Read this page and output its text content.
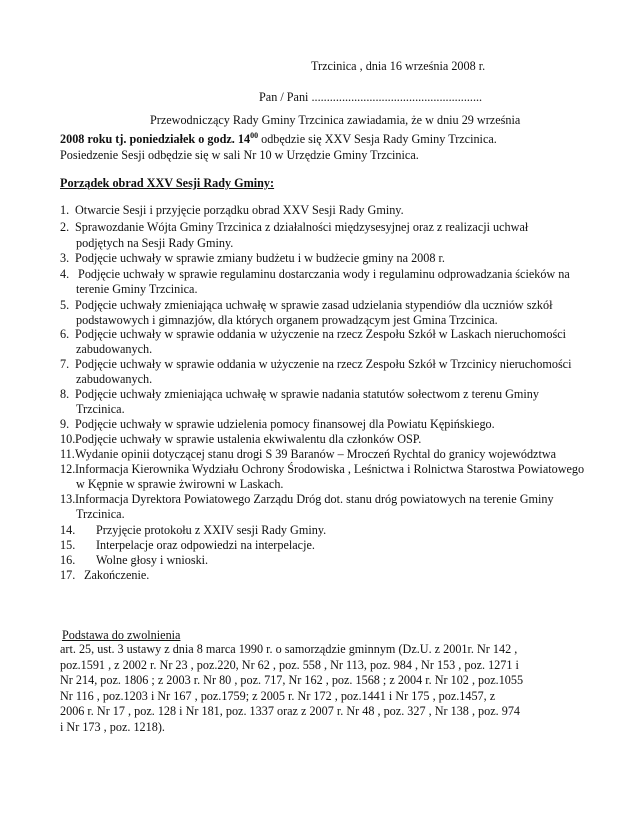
Trzcinica , dnia 16 września 2008 r.
Pan / Pani ........................................................

Przewodniczący Rady Gminy Trzcinica zawiadamia, że w dniu 29 września

2008 roku tj. poniedziałek o godz. $14^{00}$ odbędzie się XXV Sesja Rady Gminy Trzcinica.

Posiedzenie Sesji odbędzie się w sali Nr 10 w Urzędzie Gminy Trzcinica.

Porządek obrad XXV Sesji Rady Gminy:
1. Otwarcie Sesji i przyjęcie porządku obrad XXV Sesji Rady Gminy.
2. Sprawozdanie Wójta Gminy Trzcinica z działalności międzysesyjnej oraz z realizacji uchwał
podjętych na Sesji Rady Gminy.
3. Podjęcie uchwały w sprawie zmiany budżetu i w budżecie gminy na 2008 r.
4. Podjęcie uchwały w sprawie regulaminu dostarczania wody i regulaminu odprowadzania ścieków na
terenie Gminy Trzcinica.
5. Podjęcie uchwały zmieniająca uchwałę w sprawie zasad udzielania stypendiów dla uczniów szkół
podstawowych i gimnazjów, dla których organem prowadzącym jest Gmina Trzcinica.
6. Podjęcie uchwały w sprawie oddania w użyczenie na rzecz Zespołu Szkół w Laskach nieruchomości
zabudowanych.
7. Podjęcie uchwały w sprawie oddania w użyczenie na rzecz Zespołu Szkół w Trzcinicy nieruchomości
zabudowanych.
8. Podjęcie uchwały zmieniająca uchwałę w sprawie nadania statutów sołectwom z terenu Gminy
Trzcinica.
9. Podjęcie uchwały w sprawie udzielenia pomocy finansowej dla Powiatu Kępińskiego.
10.Podjęcie uchwały w sprawie ustalenia ekwiwalentu dla członków OSP.
11.Wydanie opinii dotyczącej stanu drogi S 39 Baranów – Mroczeń Rychtal do granicy województwa
12.Informacja Kierownika Wydziału Ochrony Środowiska , Leśnictwa i Rolnictwa Starostwa Powiatowego
w Kępnie w sprawie żwirowni w Laskach.
13.Informacja Dyrektora Powiatowego Zarządu Dróg dot. stanu dróg powiatowych na terenie Gminy
Trzcinica.
14. Przyjęcie protokołu z XXIV sesji Rady Gminy.
15. Interpelacje oraz odpowiedzi na interpelacje.
16. Wolne głosy i wnioski.
17. Zakończenie.
Podstawa do zwolnienia
art. 25, ust. 3 ustawy z dnia 8 marca 1990 r. o samorządzie gminnym (Dz.U. z 2001r. Nr 142 ,
poz.1591 , z 2002 r. Nr 23 , poz.220, Nr 62 , poz. 558 , Nr 113, poz. 984 , Nr 153 , poz. 1271 i
Nr 214, poz. 1806 ; z 2003 r. Nr 80 , poz. 717, Nr 162 , poz. 1568 ; z 2004 r. Nr 102 , poz.1055
Nr 116 , poz.1203 i Nr 167 , poz.1759; z 2005 r. Nr 172 , poz.1441 i Nr 175 , poz.1457, z
2006 r. Nr 17 , poz. 128 i Nr 181, poz. 1337 oraz z 2007 r. Nr 48 , poz. 327 , Nr 138 , poz. 974
i Nr 173 , poz. 1218).
